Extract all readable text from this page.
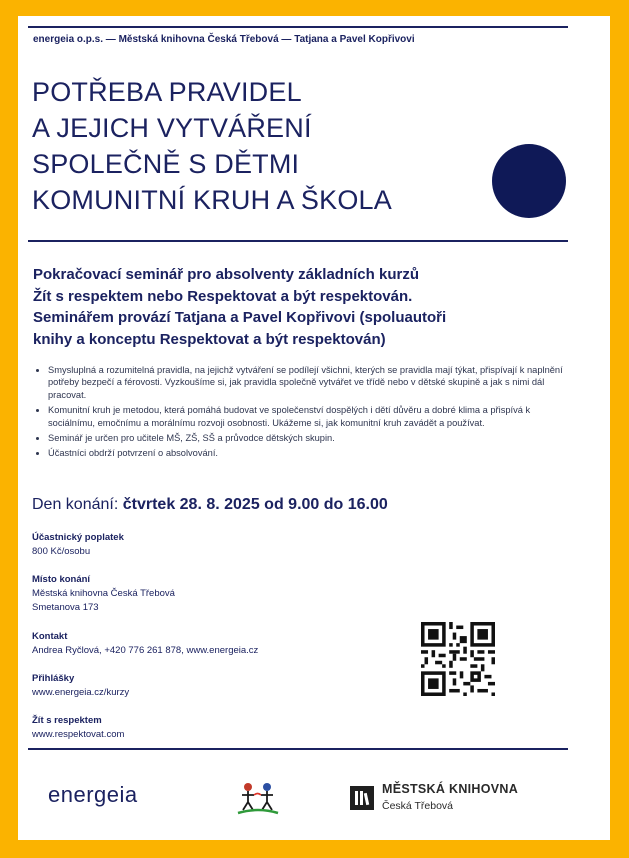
energeia o.p.s. — Městská knihovna Česká Třebová — Tatjana a Pavel Kopřivovi
POTŘEBA PRAVIDEL
A JEJICH VYTVÁŘENÍ
SPOLEČNĚ S DĚTMI
KOMUNITNÍ KRUH A ŠKOLA
Pokračovací seminář pro absolventy základních kurzů
Žít s respektem nebo Respektovat a být respektován.
Seminářem provází Tatjana a Pavel Kopřivovi (spoluautoři
knihy a konceptu Respektovat a být respektován)
• Smysluplná a rozumitelná pravidla, na jejichž vytváření se podílejí všichni, kterých se pravidla mají týkat, přispívají k naplnění potřeby bezpečí a férovosti. Vyzkoušíme si, jak pravidla společně vytvářet ve třídě nebo v dětské skupině a jak s nimi dál pracovat.
• Komunitní kruh je metodou, která pomáhá budovat ve společenství dospělých i dětí důvěru a dobré klima a přispívá k sociálnímu, emočnímu a morálnímu rozvoji osobnosti. Ukážeme si, jak komunitní kruh zavádět a používat.
• Seminář je určen pro učitele MŠ, ZŠ, SŠ a průvodce dětských skupin.
• Účastníci obdrží potvrzení o absolvování.
Den konání: čtvrtek 28. 8. 2025 od 9.00 do 16.00
Účastnický poplatek
800 Kč/osobu
Místo konání
Městská knihovna Česká Třebová
Smetanova 173
Kontakt
Andrea Ryčlová, +420 776 261 878, www.energeia.cz
Přihlášky
www.energeia.cz/kurzy
Žít s respektem
www.respektovat.com
energeia	MĚSTSKÁ KNIHOVNA
Česká Třebová
